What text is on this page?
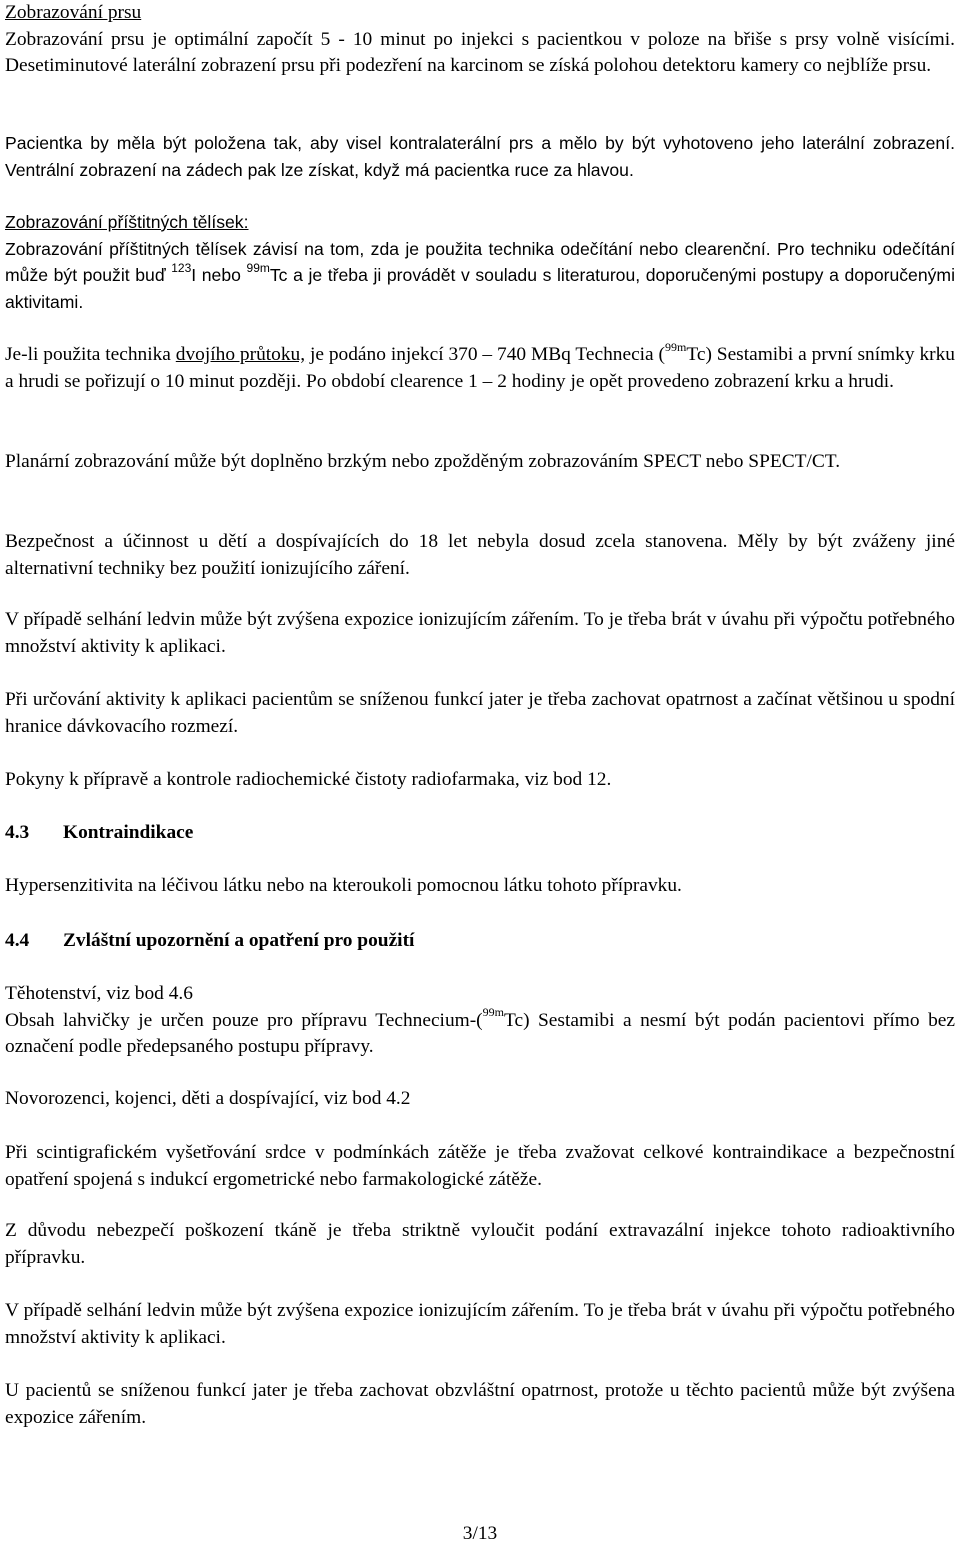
Zobrazování prsu

Zobrazování prsu je optimální započít 5 - 10 minut po injekci s pacientkou v poloze na břiše s prsy volně visícími. Desetiminutové laterální zobrazení prsu při podezření na karcinom se získá polohou detektoru kamery co nejblíže prsu.

Pacientka by měla být položena tak, aby visel kontralaterální prs a mělo by být vyhotoveno jeho laterální zobrazení. Ventrální zobrazení na zádech pak lze získat, když má pacientka ruce za hlavou.

Zobrazování příštitných tělísek:

Zobrazování příštitných tělísek závisí na tom, zda je použita technika odečítání nebo clearenční. Pro techniku odečítání může být použit buď $^{123}$I nebo $^{99m}$Tc a je třeba ji provádět v souladu s literaturou, doporučenými postupy a doporučenými aktivitami.

Je-li použita technika dvojího průtoku, je podáno injekcí 370 – 740 MBq Technecia ($^{99m}$Tc) Sestamibi a první snímky krku a hrudi se pořizují o 10 minut později. Po období clearence 1 – 2 hodiny je opět provedeno zobrazení krku a hrudi.

Planární zobrazování může být doplněno brzkým nebo zpožděným zobrazováním SPECT nebo SPECT/CT.

Bezpečnost a účinnost u dětí a dospívajících do 18 let nebyla dosud zcela stanovena. Měly by být zváženy jiné alternativní techniky bez použití ionizujícího záření.

V případě selhání ledvin může být zvýšena expozice ionizujícím zářením. To je třeba brát v úvahu při výpočtu potřebného množství aktivity k aplikaci.

Při určování aktivity k aplikaci pacientům se sníženou funkcí jater je třeba zachovat opatrnost a začínat většinou u spodní hranice dávkovacího rozmezí.

Pokyny k přípravě a kontrole radiochemické čistoty radiofarmaka, viz bod 12.

4.3 Kontraindikace

Hypersenzitivita na léčivou látku nebo na kteroukoli pomocnou látku tohoto přípravku.

4.4 Zvláštní upozornění a opatření pro použití
Těhotenství, viz bod 4.6

Obsah lahvičky je určen pouze pro přípravu Technecium-($^{99m}$Tc) Sestamibi a nesmí být podán pacientovi přímo bez označení podle předepsaného postupu přípravy.

Novorozenci, kojenci, děti a dospívající, viz bod 4.2

Při scintigrafickém vyšetřování srdce v podmínkách zátěže je třeba zvažovat celkové kontraindikace a bezpečnostní opatření spojená s indukcí ergometrické nebo farmakologické zátěže.

Z důvodu nebezpečí poškození tkáně je třeba striktně vyloučit podání extravazální injekce tohoto radioaktivního přípravku.

V případě selhání ledvin může být zvýšena expozice ionizujícím zářením. To je třeba brát v úvahu při výpočtu potřebného množství aktivity k aplikaci.

U pacientů se sníženou funkcí jater je třeba zachovat obzvláštní opatrnost, protože u těchto pacientů může být zvýšena expozice zářením.

3/13
